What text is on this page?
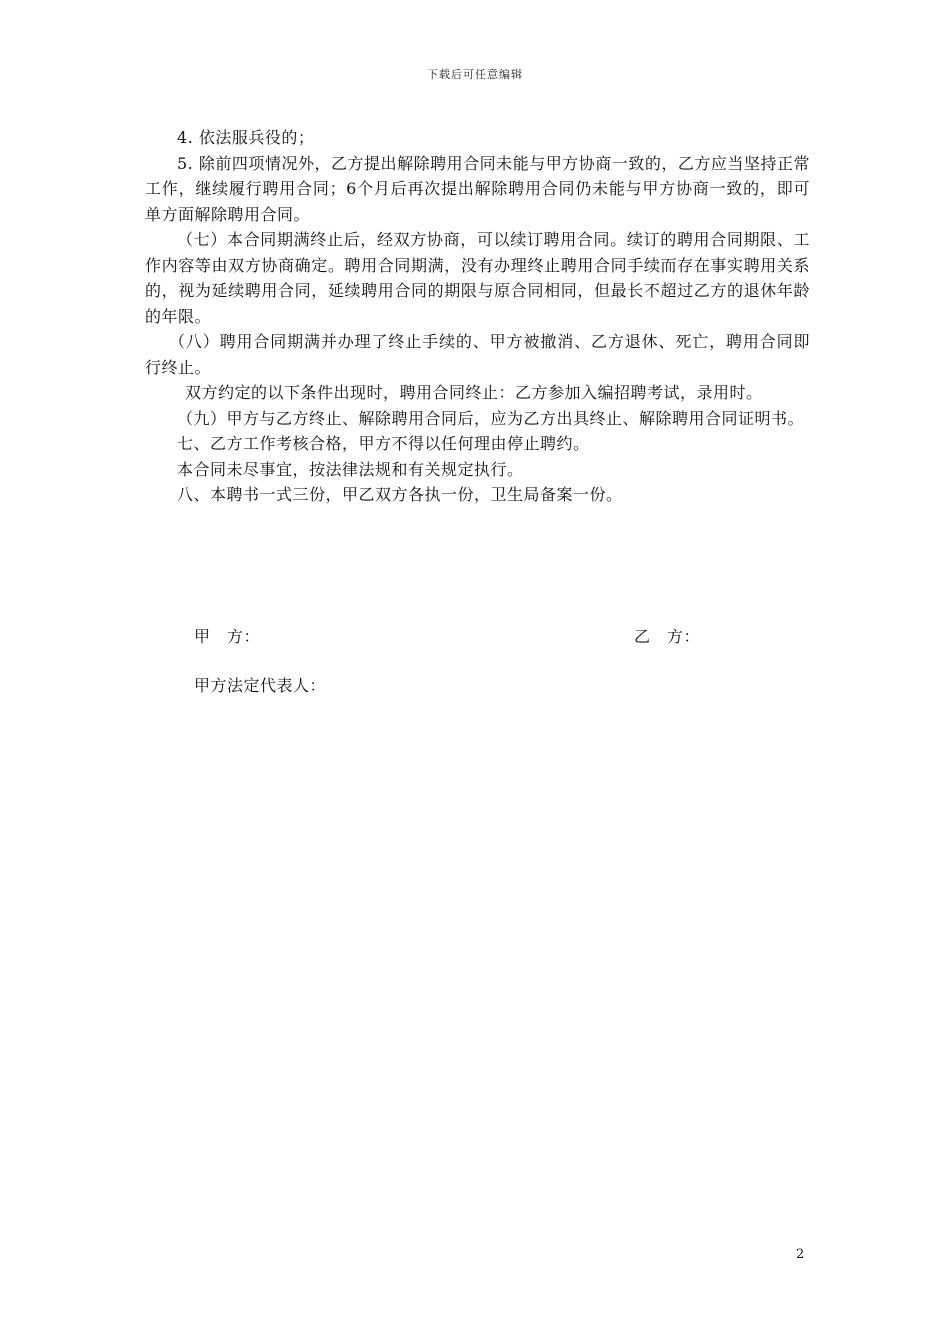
下载后可任意编辑

4. 依法服兵役的；

5. 除前四项情况外，乙方提出解除聘用合同未能与甲方协商一致的，乙方应当坚持正常工作，继续履行聘用合同；6个月后再次提出解除聘用合同仍未能与甲方协商一致的，即可单方面解除聘用合同。

（七）本合同期满终止后，经双方协商，可以续订聘用合同。续订的聘用合同期限、工作内容等由双方协商确定。聘用合同期满，没有办理终止聘用合同手续而存在事实聘用关系的，视为延续聘用合同，延续聘用合同的期限与原合同相同，但最长不超过乙方的退休年龄的年限。

（八）聘用合同期满并办理了终止手续的、甲方被撤消、乙方退休、死亡，聘用合同即行终止。

双方约定的以下条件出现时，聘用合同终止：乙方参加入编招聘考试，录用时。

（九）甲方与乙方终止、解除聘用合同后，应为乙方出具终止、解除聘用合同证明书。

七、乙方工作考核合格，甲方不得以任何理由停止聘约。

本合同未尽事宜，按法律法规和有关规定执行。

八、本聘书一式三份，甲乙双方各执一份，卫生局备案一份。

甲　方：	乙　方：
甲方法定代表人：
2
